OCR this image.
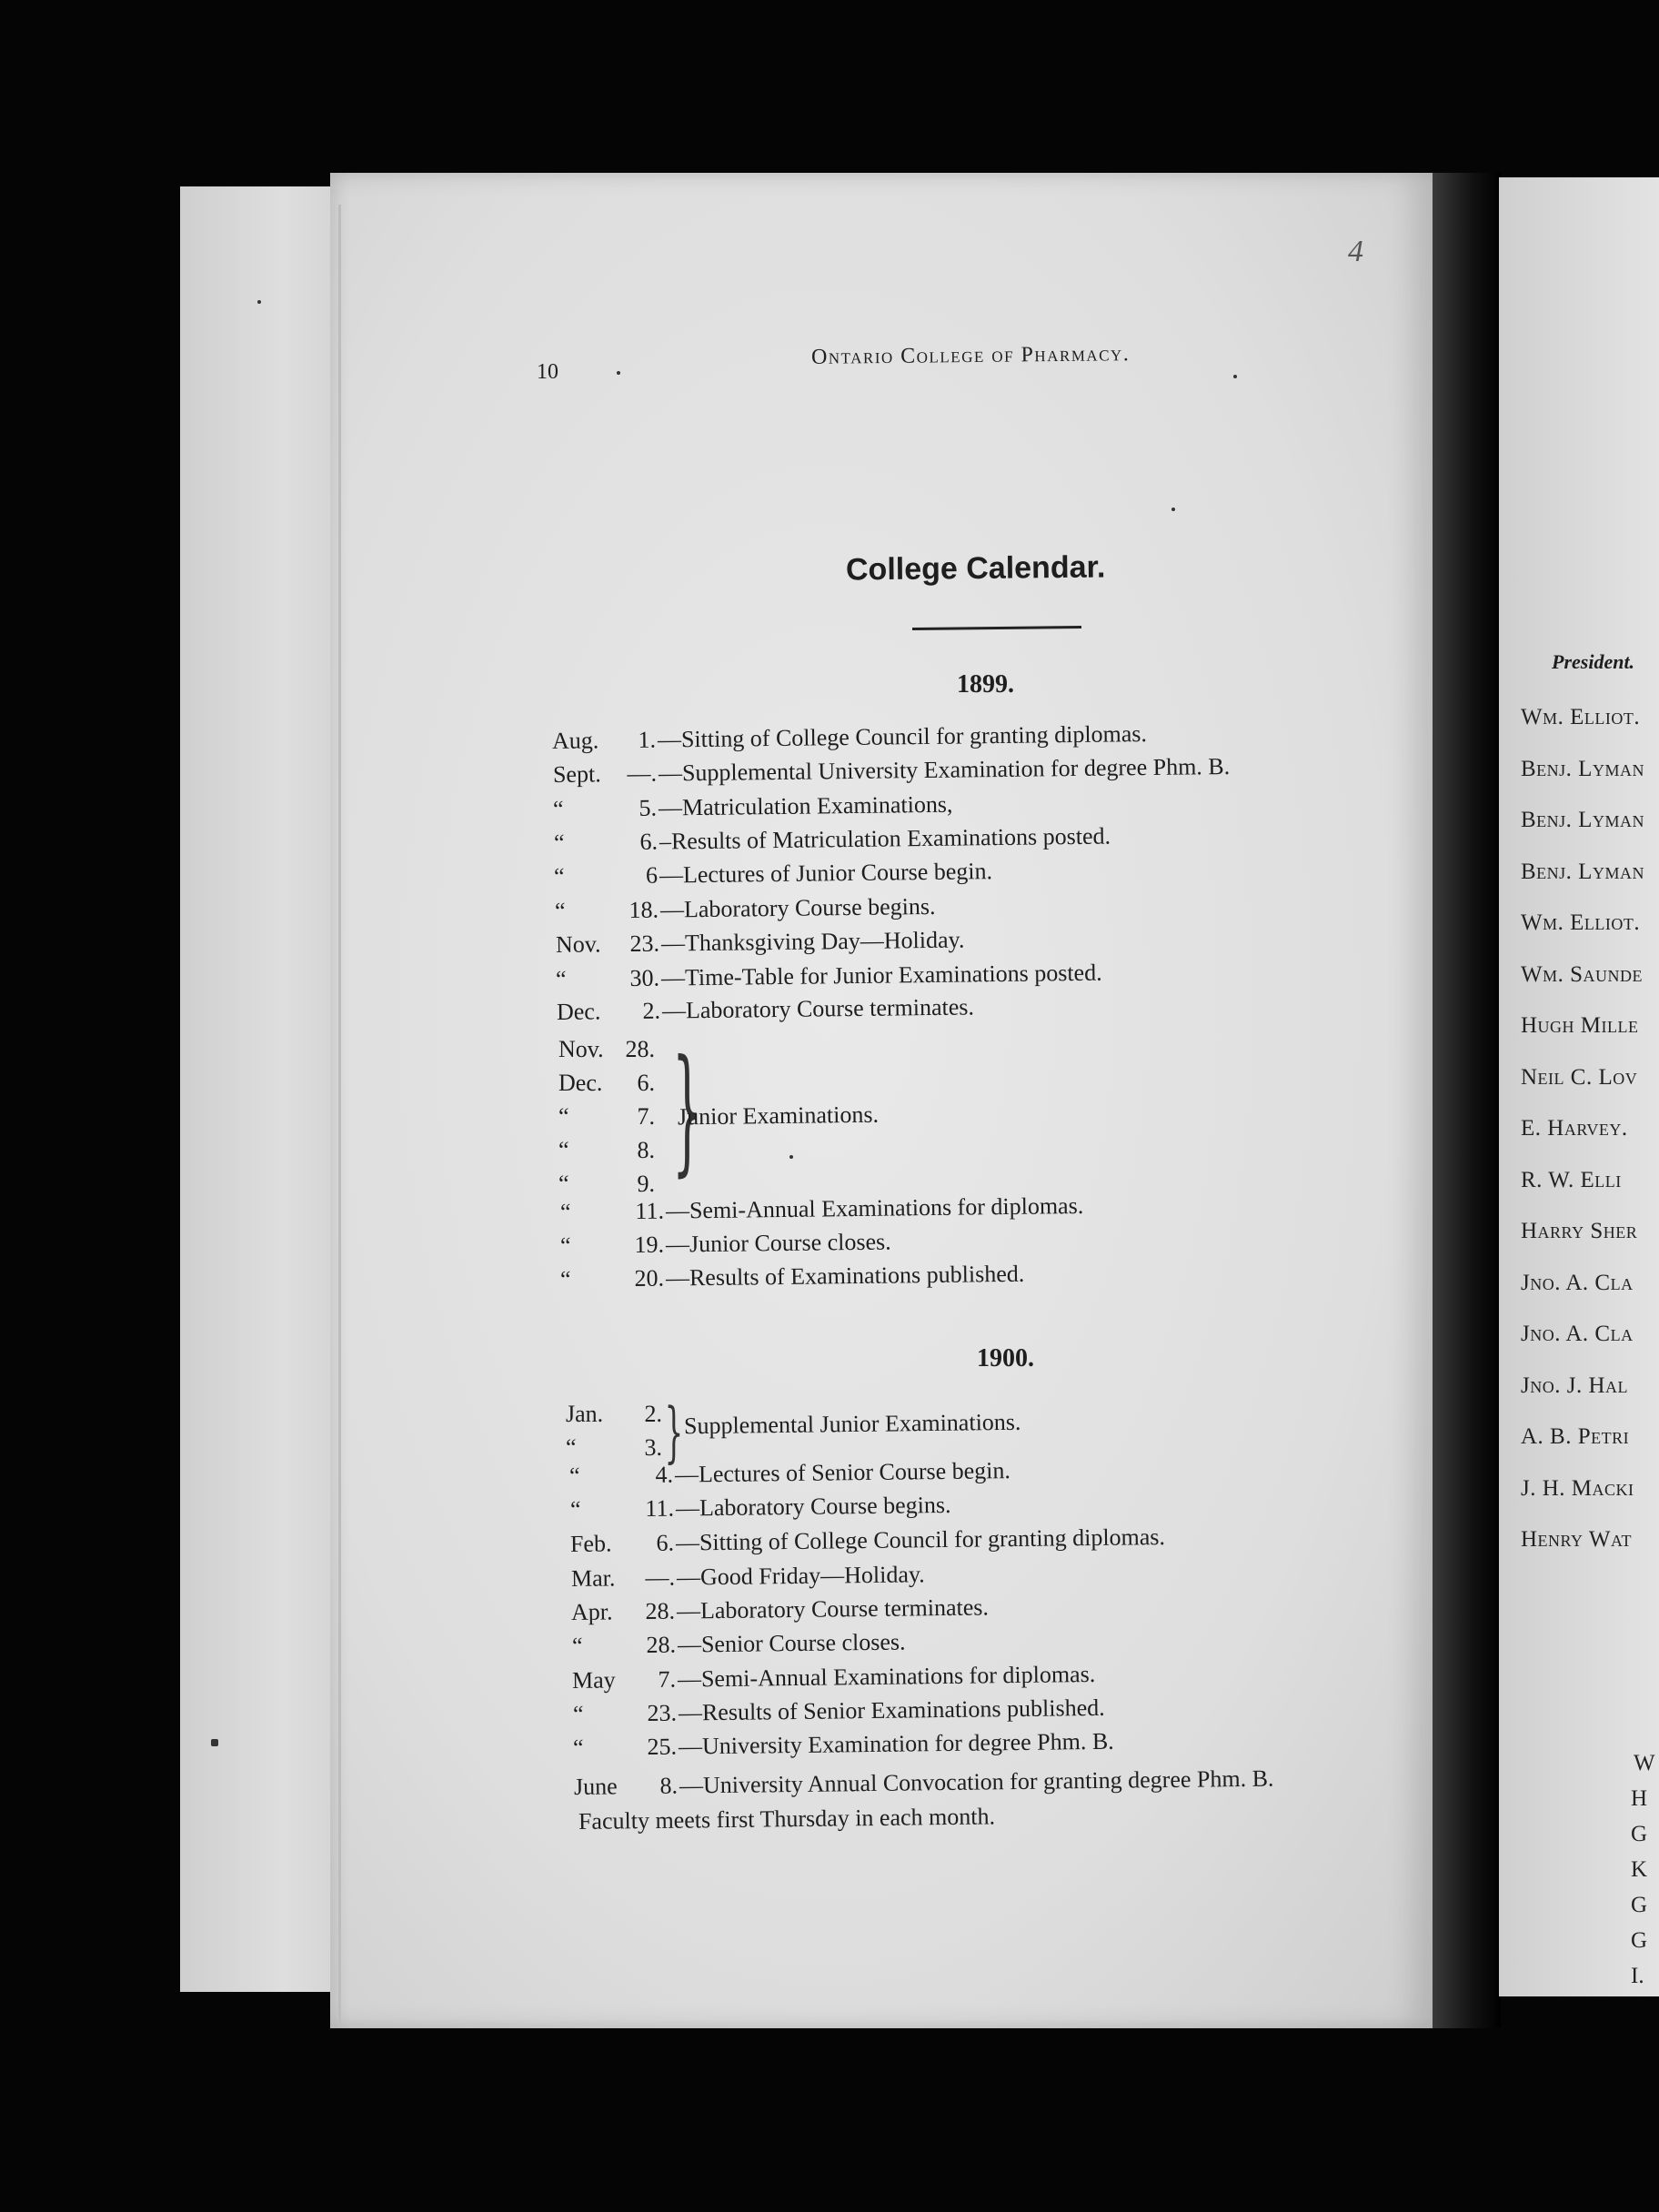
President.
Wm. Elliot.
Benj. Lyman
Benj. Lyman
Benj. Lyman
Wm. Elliot.
Wm. Saunde
Hugh Mille
Neil C. Lov
E. Harvey.
R. W. Elli
Harry Sher
Jno. A. Cla
Jno. A. Cla
Jno. J. Hal
A. B. Petri
J. H. Macki
Henry Wat
W
H
G
K
G
G
I.
4
10
Ontario College of Pharmacy.
College Calendar.
1899.
Aug. 1.—Sitting of College Council for granting diplomas.
Sept. —.—Supplemental University Examination for degree Phm. B.
“	5.—Matriculation Examinations,
“	6.–Results of Matriculation Examinations posted.
“	6—Lectures of Junior Course begin.
“	18.—Laboratory Course begins.
Nov. 23.—Thanksgiving Day—Holiday.
“	30.—Time-Table for Junior Examinations posted.
Dec. 2.—Laboratory Course terminates.
Nov. 28.
Dec. 6.
“	7.
“	8.
“	9. }
Junior Examinations.
“	11.—Semi-Annual Examinations for diplomas.
“	19.—Junior Course closes.
“	20.—Results of Examinations published.
1900.
Jan. 2.
“	3. } Supplemental Junior Examinations.
“	4.—Lectures of Senior Course begin.
“	11.—Laboratory Course begins.
Feb. 6.—Sitting of College Council for granting diplomas.
Mar. —.—Good Friday—Holiday.
Apr. 28.—Laboratory Course terminates.
“	28.—Senior Course closes.
May 7.—Semi-Annual Examinations for diplomas.
“	23.—Results of Senior Examinations published.
“	25.—University Examination for degree Phm. B.
June 8.—University Annual Convocation for granting degree Phm. B.
Faculty meets first Thursday in each month.
